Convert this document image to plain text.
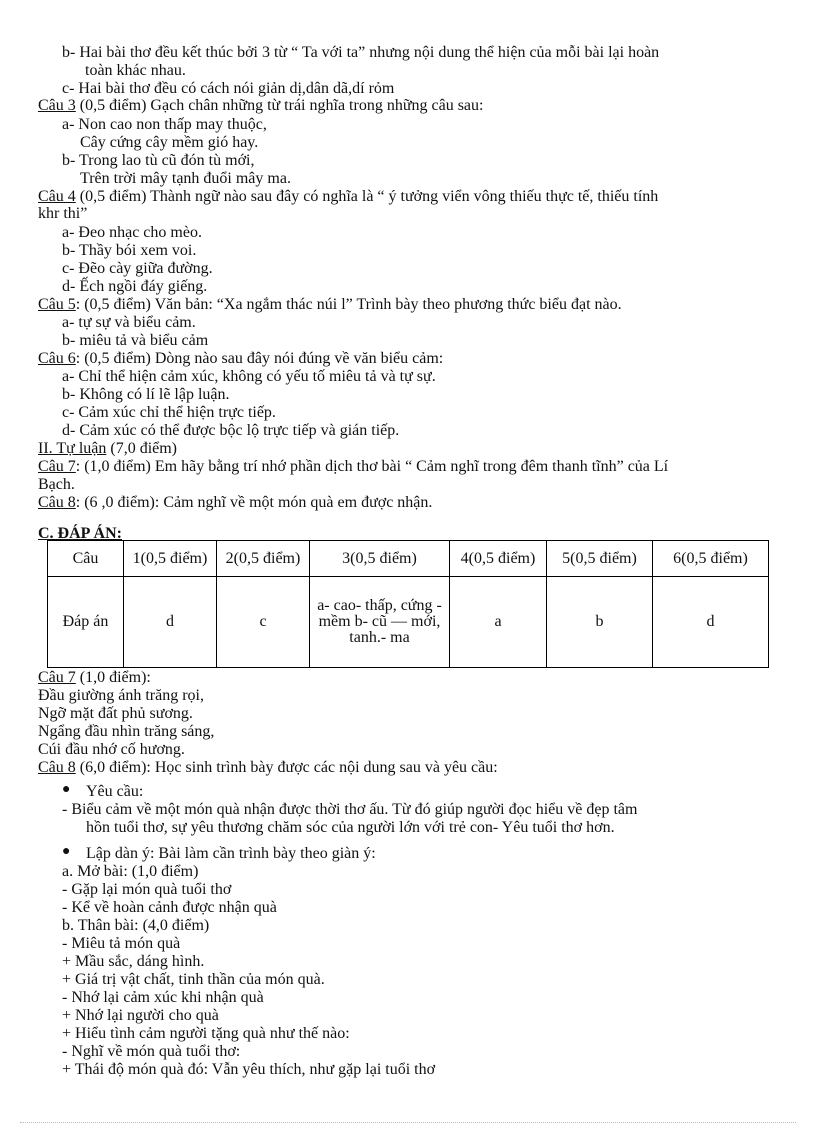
b- Hai bài thơ đều kết thúc bởi 3 từ “ Ta với ta” nhưng nội dung thể hiện của mỗi bài lại hoàn
toàn khác nhau.
c- Hai bài thơ đều có cách nói giản dị,dân dã,dí rỏm
Câu 3 (0,5 điểm) Gạch chân những từ trái nghĩa trong những câu sau:
a- Non cao non thấp may thuộc,
Cây cứng cây mềm gió hay.
b- Trong lao tù cũ đón tù mới,
Trên trời mây tạnh đuổi mây ma.
Câu 4 (0,5 điểm) Thành ngữ nào sau đây có nghĩa là “ ý tưởng viển vông thiếu thực tế, thiếu tính
khr thi”
a- Đeo nhạc cho mèo.
b- Thầy bói xem voi.
c- Đẽo cày giữa đường.
d- Ếch ngồi đáy giếng.
Câu 5: (0,5 điểm) Văn bản: “Xa ngắm thác núi l” Trình bày theo phương thức biểu đạt nào.
a- tự sự và biểu cảm.
b- miêu tả và biểu cảm
Câu 6: (0,5 điểm) Dòng nào sau đây nói đúng về văn biểu cảm:
a- Chỉ thể hiện cảm xúc, không có yếu tố miêu tả và tự sự.
b- Không có lí lẽ lập luận.
c- Cảm xúc chỉ thể hiện trực tiếp.
d- Cảm xúc có thể được bộc lộ trực tiếp và gián tiếp.
II. Tự luận (7,0 điểm)
Câu 7: (1,0 điểm) Em hãy bằng trí nhớ phần dịch thơ bài “ Cảm nghĩ trong đêm thanh tĩnh” của Lí
Bạch.
Câu 8: (6 ,0 điểm): Cảm nghĩ về một món quà em được nhận.
C. ĐÁP ÁN:
Câu	1(0,5 điểm)	2(0,5 điểm)	3(0,5 điểm)	4(0,5 điểm)	5(0,5 điểm)	6(0,5 điểm)
Đáp án	d	c	a- cao- thấp, cứng -mềm b- cũ — mới, tanh.- ma	a	b	d
Câu 7 (1,0 điểm):
Đầu giường ánh trăng rọi,
Ngỡ mặt đất phủ sương.
Ngẩng đầu nhìn trăng sáng,
Cúi đầu nhớ cố hương.
Câu 8 (6,0 điểm): Học sinh trình bày được các nội dung sau và yêu cầu:
● Yêu cầu:
- Biểu cảm về một món quà nhận được thời thơ ấu. Từ đó giúp người đọc hiểu về đẹp tâm
hồn tuổi thơ, sự yêu thương chăm sóc của người lớn với trẻ con- Yêu tuổi thơ hơn.
● Lập dàn ý: Bài làm cần trình bày theo giàn ý:
a. Mở bài: (1,0 điểm)
- Gặp lại món quà tuổi thơ
- Kể về hoàn cảnh được nhận quà
b. Thân bài: (4,0 điểm)
- Miêu tả món quà
+ Mầu sắc, dáng hình.
+ Giá trị vật chất, tinh thần của món quà.
- Nhớ lại cảm xúc khi nhận quà
+ Nhớ lại người cho quà
+ Hiểu tình cảm người tặng quà như thế nào:
- Nghĩ về món quà tuổi thơ:
+ Thái độ món quà đó: Vẫn yêu thích, như gặp lại tuổi thơ
